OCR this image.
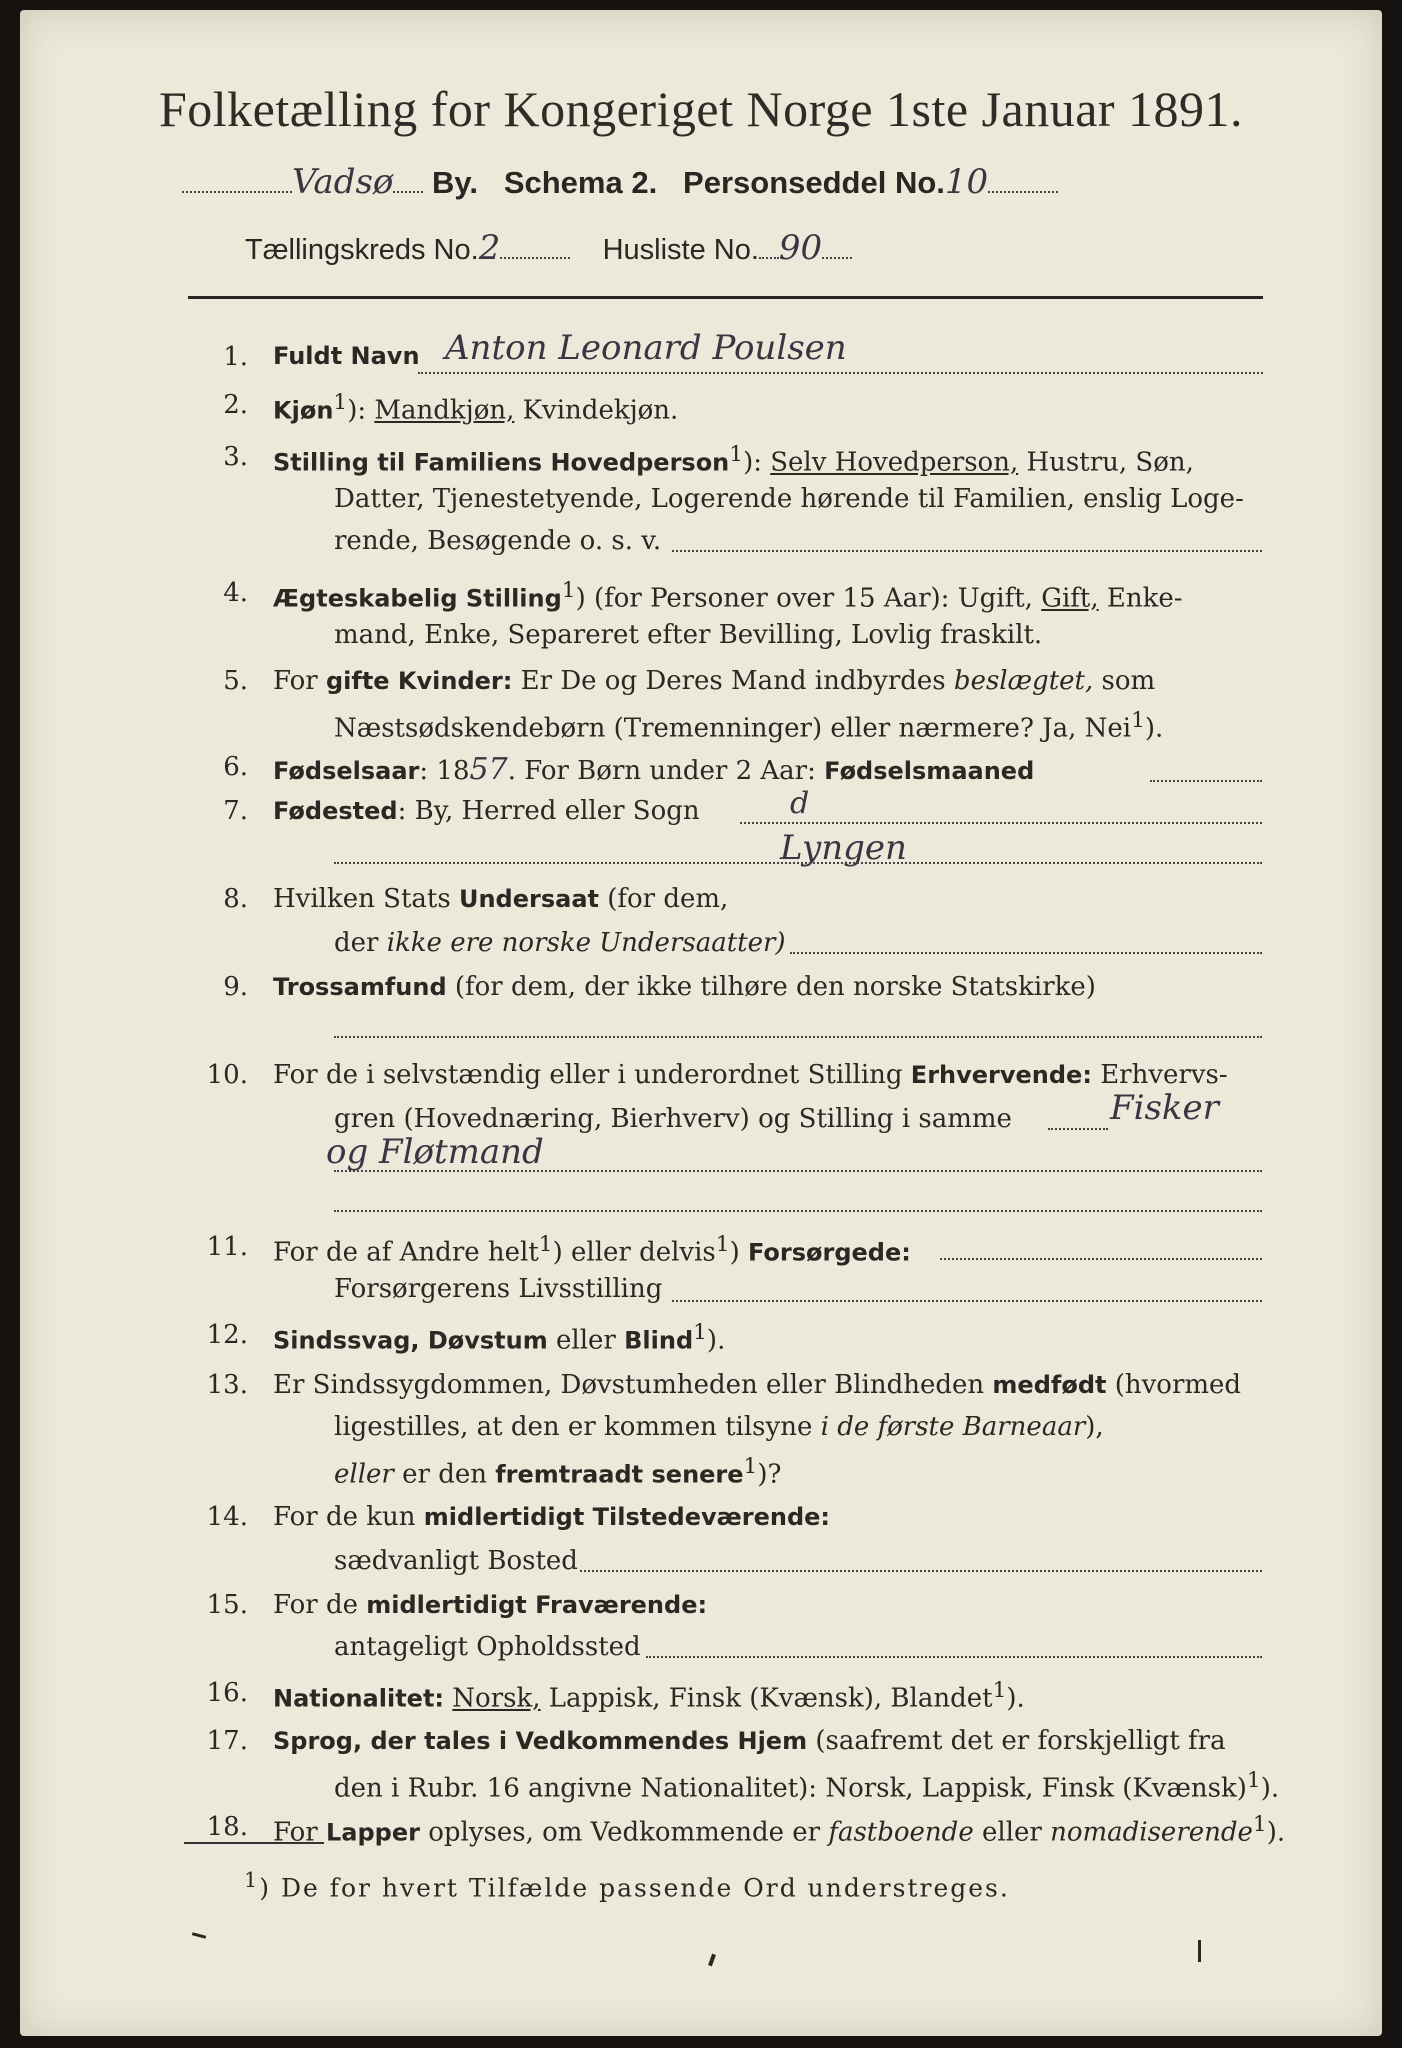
Folketælling for Kongeriget Norge 1ste Januar 1891.
Vadsø By. Schema 2. Personseddel No.10
Tællingskreds No.2	Husliste No. 90
1. Fuldt Navn Anton Leonard Poulsen
2. Kjøn$^1$): Mandkjøn, Kvindekjøn.
3. Stilling til Familiens Hovedperson$^1$): Selv Hovedperson, Hustru, Søn,
Datter, Tjenestetyende, Logerende hørende til Familien, enslig Loge-
rende, Besøgende o. s. v.
4. Ægteskabelig Stilling$^1$) (for Personer over 15 Aar): Ugift, Gift, Enke-
mand, Enke, Separeret efter Bevilling, Lovlig fraskilt.
5. For gifte Kvinder: Er De og Deres Mand indbyrdes beslægtet, som
Næstsødskendebørn (Tremenninger) eller nærmere? Ja, Nei$^1$).
6. Fødselsaar: 1857. For Børn under 2 Aar: Fødselsmaaned
7. Fødested: By, Herred eller Sogn	d
Lyngen
8. Hvilken Stats Undersaat (for dem,
der ikke ere norske Undersaatter)
9. Trossamfund (for dem, der ikke tilhøre den norske Statskirke)
10. For de i selvstændig eller i underordnet Stilling Erhvervende: Erhvervs-
gren (Hovednæring, Bierhverv) og Stilling i samme	Fisker
og Fløtmand
11. For de af Andre helt$^1$) eller delvis$^1$) Forsørgede:
Forsørgerens Livsstilling
12. Sindssvag, Døvstum eller Blind$^1$).
13. Er Sindssygdommen, Døvstumheden eller Blindheden medfødt (hvormed
ligestilles, at den er kommen tilsyne i de første Barneaar),
eller er den fremtraadt senere$^1$)?
14. For de kun midlertidigt Tilstedeværende:
sædvanligt Bosted
15. For de midlertidigt Fraværende:
antageligt Opholdssted
16. Nationalitet: Norsk, Lappisk, Finsk (Kvænsk), Blandet$^1$).
17. Sprog, der tales i Vedkommendes Hjem (saafremt det er forskjelligt fra
den i Rubr. 16 angivne Nationalitet): Norsk, Lappisk, Finsk (Kvænsk)$^1$).
18. For Lapper oplyses, om Vedkommende er fastboende eller nomadiserende$^1$).
$^1$) De for hvert Tilfælde passende Ord understreges.
